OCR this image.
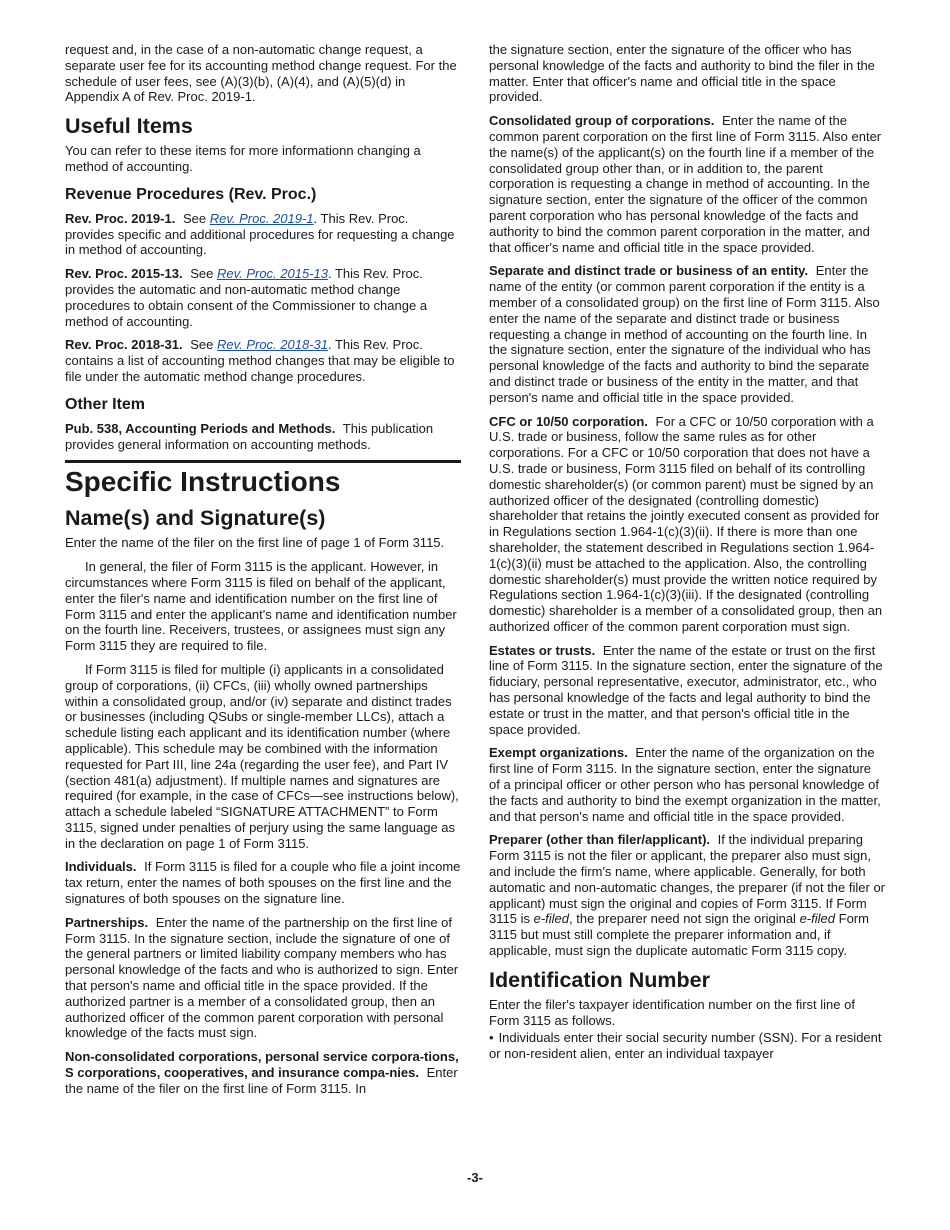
request and, in the case of a non-automatic change request, a separate user fee for its accounting method change request. For the schedule of user fees, see (A)(3)(b), (A)(4), and (A)(5)(d) in Appendix A of Rev. Proc. 2019-1.

Useful Items

You can refer to these items for more informationn changing a method of accounting.

Revenue Procedures (Rev. Proc.)

Rev. Proc. 2019-1. See Rev. Proc. 2019-1. This Rev. Proc. provides specific and additional procedures for requesting a change in method of accounting.

Rev. Proc. 2015-13. See Rev. Proc. 2015-13. This Rev. Proc. provides the automatic and non-automatic method change procedures to obtain consent of the Commissioner to change a method of accounting.

Rev. Proc. 2018-31. See Rev. Proc. 2018-31. This Rev. Proc. contains a list of accounting method changes that may be eligible to file under the automatic method change procedures.

Other Item

Pub. 538, Accounting Periods and Methods. This publication provides general information on accounting methods.

Specific Instructions
Name(s) and Signature(s)

Enter the name of the filer on the first line of page 1 of Form 3115.

In general, the filer of Form 3115 is the applicant. However, in circumstances where Form 3115 is filed on behalf of the applicant, enter the filer's name and identification number on the first line of Form 3115 and enter the applicant's name and identification number on the fourth line. Receivers, trustees, or assignees must sign any Form 3115 they are required to file.

If Form 3115 is filed for multiple (i) applicants in a consolidated group of corporations, (ii) CFCs, (iii) wholly owned partnerships within a consolidated group, and/or (iv) separate and distinct trades or businesses (including QSubs or single-member LLCs), attach a schedule listing each applicant and its identification number (where applicable). This schedule may be combined with the information requested for Part III, line 24a (regarding the user fee), and Part IV (section 481(a) adjustment). If multiple names and signatures are required (for example, in the case of CFCs—see instructions below), attach a schedule labeled “SIGNATURE ATTACHMENT” to Form 3115, signed under penalties of perjury using the same language as in the declaration on page 1 of Form 3115.

Individuals. If Form 3115 is filed for a couple who file a joint income tax return, enter the names of both spouses on the first line and the signatures of both spouses on the signature line.

Partnerships. Enter the name of the partnership on the first line of Form 3115. In the signature section, include the signature of one of the general partners or limited liability company members who has personal knowledge of the facts and who is authorized to sign. Enter that person's name and official title in the space provided. If the authorized partner is a member of a consolidated group, then an authorized officer of the common parent corporation with personal knowledge of the facts must sign.

Non-consolidated corporations, personal service corpora-tions, S corporations, cooperatives, and insurance compa-nies. Enter the name of the filer on the first line of Form 3115. In

the signature section, enter the signature of the officer who has personal knowledge of the facts and authority to bind the filer in the matter. Enter that officer's name and official title in the space provided.

Consolidated group of corporations. Enter the name of the common parent corporation on the first line of Form 3115. Also enter the name(s) of the applicant(s) on the fourth line if a member of the consolidated group other than, or in addition to, the parent corporation is requesting a change in method of accounting. In the signature section, enter the signature of the officer of the common parent corporation who has personal knowledge of the facts and authority to bind the common parent corporation in the matter, and that officer's name and official title in the space provided.

Separate and distinct trade or business of an entity. Enter the name of the entity (or common parent corporation if the entity is a member of a consolidated group) on the first line of Form 3115. Also enter the name of the separate and distinct trade or business requesting a change in method of accounting on the fourth line. In the signature section, enter the signature of the individual who has personal knowledge of the facts and authority to bind the separate and distinct trade or business of the entity in the matter, and that person's name and official title in the space provided.

CFC or 10/50 corporation. For a CFC or 10/50 corporation with a U.S. trade or business, follow the same rules as for other corporations. For a CFC or 10/50 corporation that does not have a U.S. trade or business, Form 3115 filed on behalf of its controlling domestic shareholder(s) (or common parent) must be signed by an authorized officer of the designated (controlling domestic) shareholder that retains the jointly executed consent as provided for in Regulations section 1.964-1(c)(3)(ii). If there is more than one shareholder, the statement described in Regulations section 1.964-1(c)(3)(ii) must be attached to the application. Also, the controlling domestic shareholder(s) must provide the written notice required by Regulations section 1.964-1(c)(3)(iii). If the designated (controlling domestic) shareholder is a member of a consolidated group, then an authorized officer of the common parent corporation must sign.

Estates or trusts. Enter the name of the estate or trust on the first line of Form 3115. In the signature section, enter the signature of the fiduciary, personal representative, executor, administrator, etc., who has personal knowledge of the facts and legal authority to bind the estate or trust in the matter, and that person's official title in the space provided.

Exempt organizations. Enter the name of the organization on the first line of Form 3115. In the signature section, enter the signature of a principal officer or other person who has personal knowledge of the facts and authority to bind the exempt organization in the matter, and that person's name and official title in the space provided.

Preparer (other than filer/applicant). If the individual preparing Form 3115 is not the filer or applicant, the preparer also must sign, and include the firm's name, where applicable. Generally, for both automatic and non-automatic changes, the preparer (if not the filer or applicant) must sign the original and copies of Form 3115. If Form 3115 is e-filed, the preparer need not sign the original e-filed Form 3115 but must still complete the preparer information and, if applicable, must sign the duplicate automatic Form 3115 copy.

Identification Number

Enter the filer's taxpayer identification number on the first line of Form 3115 as follows.

• Individuals enter their social security number (SSN). For a resident or non-resident alien, enter an individual taxpayer

-3-
